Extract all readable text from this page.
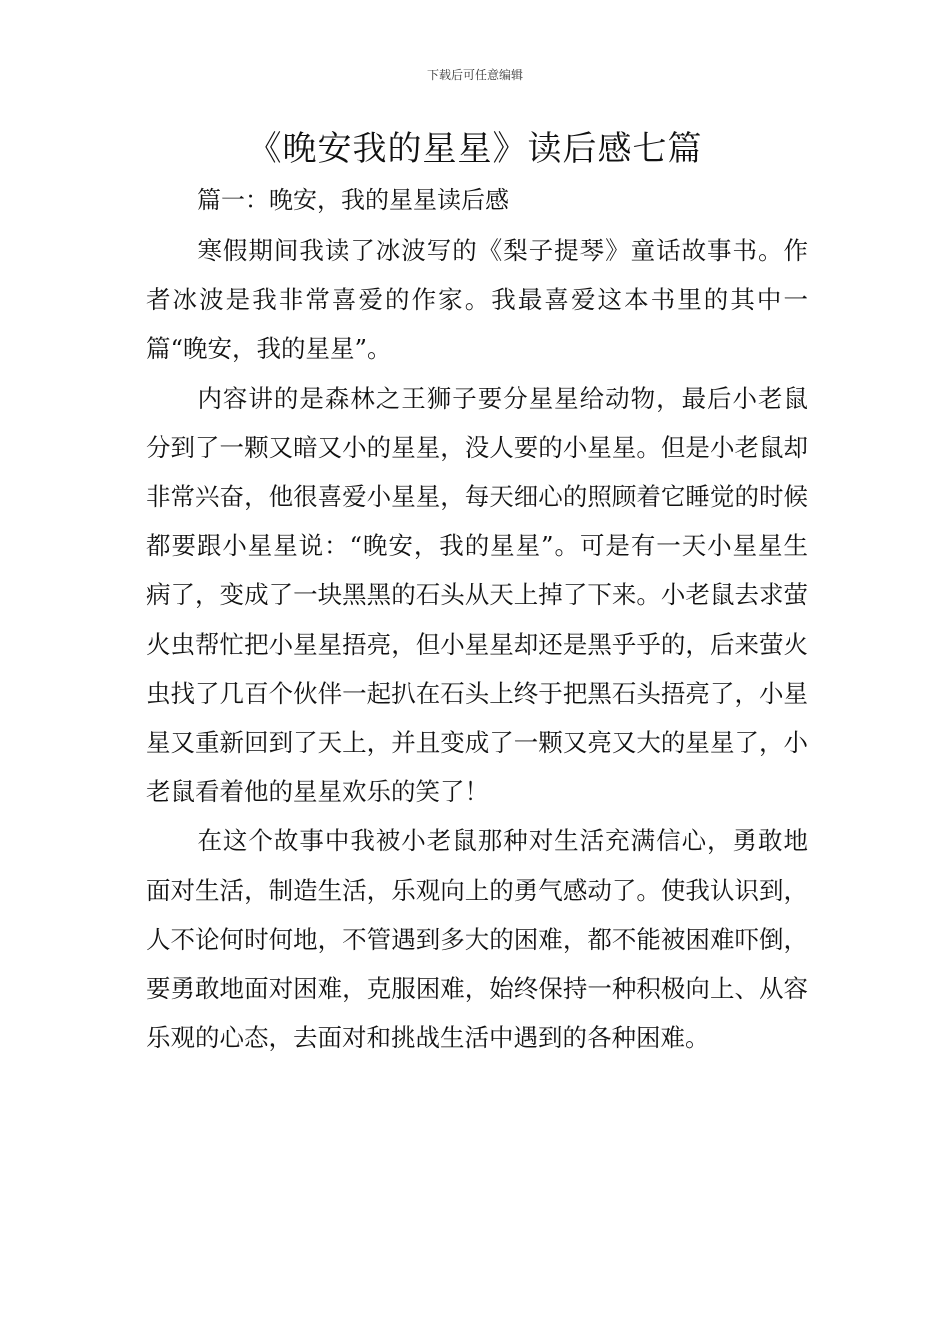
下载后可任意编辑
《晚安我的星星》读后感七篇
篇一：晚安，我的星星读后感

寒假期间我读了冰波写的《梨子提琴》童话故事书。作者冰波是我非常喜爱的作家。我最喜爱这本书里的其中一篇“晚安，我的星星”。

内容讲的是森林之王狮子要分星星给动物，最后小老鼠分到了一颗又暗又小的星星，没人要的小星星。但是小老鼠却非常兴奋，他很喜爱小星星，每天细心的照顾着它睡觉的时候都要跟小星星说：“晚安，我的星星”。可是有一天小星星生病了，变成了一块黑黑的石头从天上掉了下来。小老鼠去求萤火虫帮忙把小星星捂亮，但小星星却还是黑乎乎的，后来萤火虫找了几百个伙伴一起扒在石头上终于把黑石头捂亮了，小星星又重新回到了天上，并且变成了一颗又亮又大的星星了，小老鼠看着他的星星欢乐的笑了！

在这个故事中我被小老鼠那种对生活充满信心，勇敢地面对生活，制造生活，乐观向上的勇气感动了。使我认识到，人不论何时何地，不管遇到多大的困难，都不能被困难吓倒，要勇敢地面对困难，克服困难，始终保持一种积极向上、从容乐观的心态，去面对和挑战生活中遇到的各种困难。
